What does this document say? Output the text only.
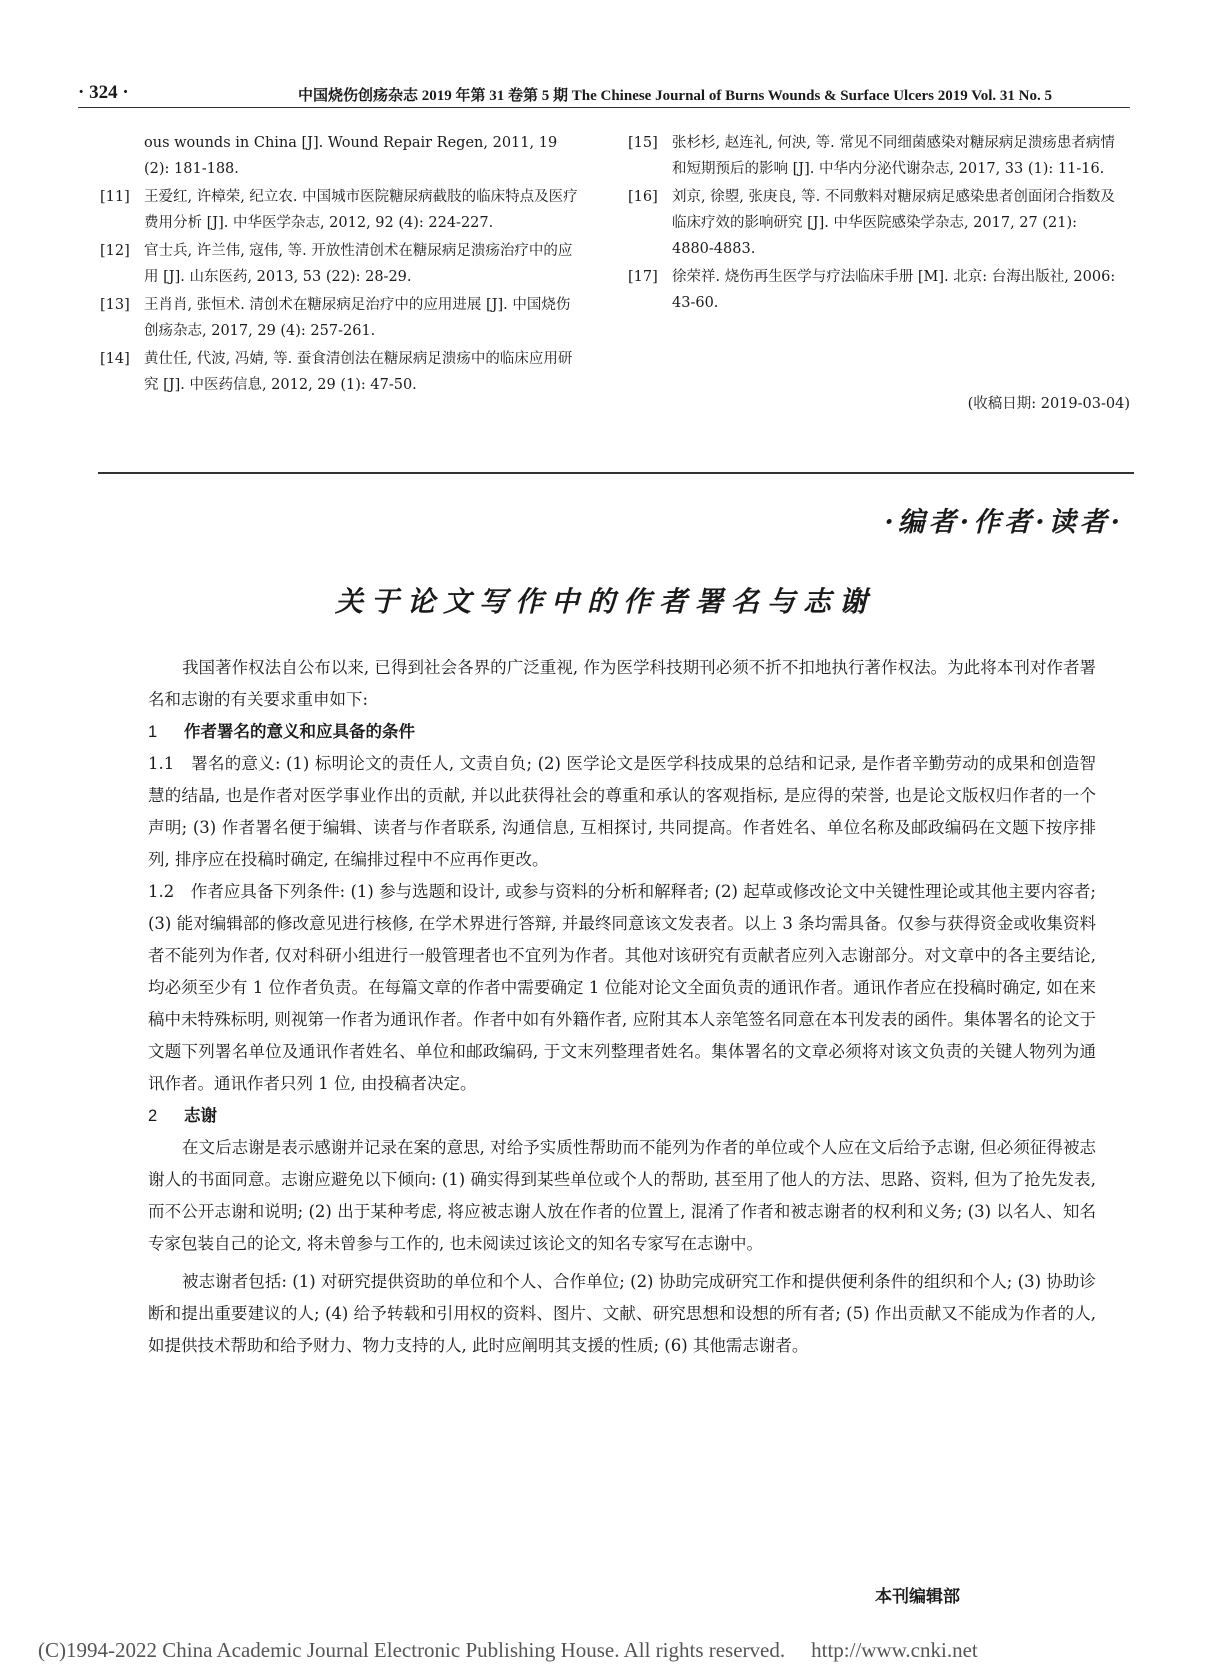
· 324 ·	中国烧伤创疡杂志 2019 年第 31 卷第 5 期 The Chinese Journal of Burns Wounds & Surface Ulcers 2019 Vol. 31 No. 5
ous wounds in China [J]. Wound Repair Regen, 2011, 19 (2): 181-188.
[11] 王爱红, 许樟荣, 纪立农. 中国城市医院糖尿病截肢的临床特点及医疗费用分析 [J]. 中华医学杂志, 2012, 92 (4): 224-227.
[12] 官士兵, 许兰伟, 寇伟, 等. 开放性清创术在糖尿病足溃疡治疗中的应用 [J]. 山东医药, 2013, 53 (22): 28-29.
[13] 王肖肖, 张恒术. 清创术在糖尿病足治疗中的应用进展 [J]. 中国烧伤创疡杂志, 2017, 29 (4): 257-261.
[14] 黄仕任, 代波, 冯婧, 等. 蚕食清创法在糖尿病足溃疡中的临床应用研究 [J]. 中医药信息, 2012, 29 (1): 47-50.
[15] 张杉杉, 赵连礼, 何泱, 等. 常见不同细菌感染对糖尿病足溃疡患者病情和短期预后的影响 [J]. 中华内分泌代谢杂志, 2017, 33 (1): 11-16.
[16] 刘京, 徐曌, 张庚良, 等. 不同敷料对糖尿病足感染患者创面闭合指数及临床疗效的影响研究 [J]. 中华医院感染学杂志, 2017, 27 (21): 4880-4883.
[17] 徐荣祥. 烧伤再生医学与疗法临床手册 [M]. 北京: 台海出版社, 2006: 43-60.
(收稿日期: 2019-03-04)
·编者·作者·读者·
关于论文写作中的作者署名与志谢
我国著作权法自公布以来, 已得到社会各界的广泛重视, 作为医学科技期刊必须不折不扣地执行著作权法。为此将本刊对作者署名和志谢的有关要求重申如下:
1 作者署名的意义和应具备的条件
1.1　署名的意义: (1) 标明论文的责任人, 文责自负; (2) 医学论文是医学科技成果的总结和记录, 是作者辛勤劳动的成果和创造智慧的结晶, 也是作者对医学事业作出的贡献, 并以此获得社会的尊重和承认的客观指标, 是应得的荣誉, 也是论文版权归作者的一个声明; (3) 作者署名便于编辑、读者与作者联系, 沟通信息, 互相探讨, 共同提高。作者姓名、单位名称及邮政编码在文题下按序排列, 排序应在投稿时确定, 在编排过程中不应再作更改。
1.2　作者应具备下列条件: (1) 参与选题和设计, 或参与资料的分析和解释者; (2) 起草或修改论文中关键性理论或其他主要内容者; (3) 能对编辑部的修改意见进行核修, 在学术界进行答辩, 并最终同意该文发表者。以上 3 条均需具备。仅参与获得资金或收集资料者不能列为作者, 仅对科研小组进行一般管理者也不宜列为作者。其他对该研究有贡献者应列入志谢部分。对文章中的各主要结论, 均必须至少有 1 位作者负责。在每篇文章的作者中需要确定 1 位能对论文全面负责的通讯作者。通讯作者应在投稿时确定, 如在来稿中未特殊标明, 则视第一作者为通讯作者。作者中如有外籍作者, 应附其本人亲笔签名同意在本刊发表的函件。集体署名的论文于文题下列署名单位及通讯作者姓名、单位和邮政编码, 于文末列整理者姓名。集体署名的文章必须将对该文负责的关键人物列为通讯作者。通讯作者只列 1 位, 由投稿者决定。
2 志谢
在文后志谢是表示感谢并记录在案的意思, 对给予实质性帮助而不能列为作者的单位或个人应在文后给予志谢, 但必须征得被志谢人的书面同意。志谢应避免以下倾向: (1) 确实得到某些单位或个人的帮助, 甚至用了他人的方法、思路、资料, 但为了抢先发表, 而不公开志谢和说明; (2) 出于某种考虑, 将应被志谢人放在作者的位置上, 混淆了作者和被志谢者的权利和义务; (3) 以名人、知名专家包装自己的论文, 将未曾参与工作的, 也未阅读过该论文的知名专家写在志谢中。
被志谢者包括: (1) 对研究提供资助的单位和个人、合作单位; (2) 协助完成研究工作和提供便利条件的组织和个人; (3) 协助诊断和提出重要建议的人; (4) 给予转载和引用权的资料、图片、文献、研究思想和设想的所有者; (5) 作出贡献又不能成为作者的人, 如提供技术帮助和给予财力、物力支持的人, 此时应阐明其支援的性质; (6) 其他需志谢者。
本刊编辑部
(C)1994-2022 China Academic Journal Electronic Publishing House. All rights reserved. http://www.cnki.net
